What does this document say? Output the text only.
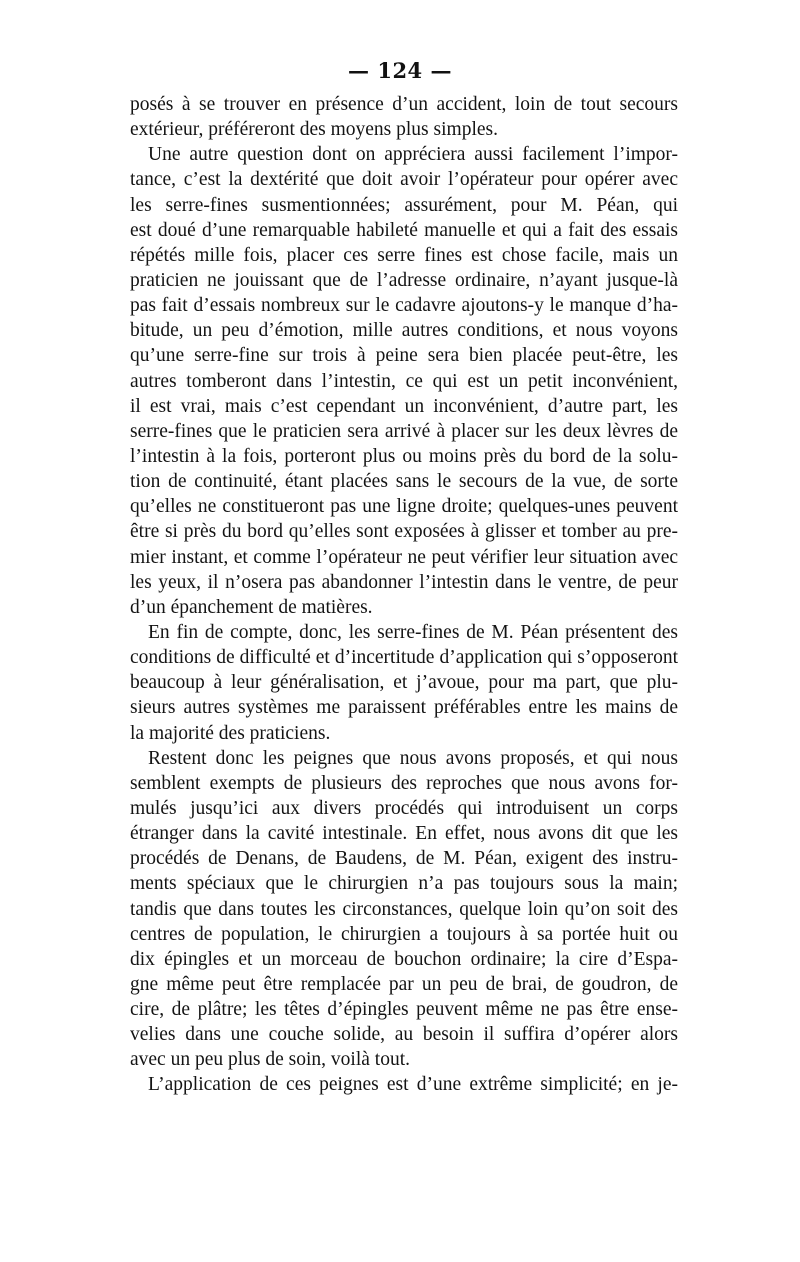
— 124 —
posés à se trouver en présence d’un accident, loin de tout secours
extérieur, préféreront des moyens plus simples.
Une autre question dont on appréciera aussi facilement l’impor-
tance, c’est la dextérité que doit avoir l’opérateur pour opérer avec
les serre-fines susmentionnées; assurément, pour M. Péan, qui
est doué d’une remarquable habileté manuelle et qui a fait des essais
répétés mille fois, placer ces serre fines est chose facile, mais un
praticien ne jouissant que de l’adresse ordinaire, n’ayant jusque-là
pas fait d’essais nombreux sur le cadavre ajoutons-y le manque d’ha-
bitude, un peu d’émotion, mille autres conditions, et nous voyons
qu’une serre-fine sur trois à peine sera bien placée peut-être, les
autres tomberont dans l’intestin, ce qui est un petit inconvénient,
il est vrai, mais c’est cependant un inconvénient, d’autre part, les
serre-fines que le praticien sera arrivé à placer sur les deux lèvres de
l’intestin à la fois, porteront plus ou moins près du bord de la solu-
tion de continuité, étant placées sans le secours de la vue, de sorte
qu’elles ne constitueront pas une ligne droite; quelques-unes peuvent
être si près du bord qu’elles sont exposées à glisser et tomber au pre-
mier instant, et comme l’opérateur ne peut vérifier leur situation avec
les yeux, il n’osera pas abandonner l’intestin dans le ventre, de peur
d’un épanchement de matières.
En fin de compte, donc, les serre-fines de M. Péan présentent des
conditions de difficulté et d’incertitude d’application qui s’opposeront
beaucoup à leur généralisation, et j’avoue, pour ma part, que plu-
sieurs autres systèmes me paraissent préférables entre les mains de
la majorité des praticiens.
Restent donc les peignes que nous avons proposés, et qui nous
semblent exempts de plusieurs des reproches que nous avons for-
mulés jusqu’ici aux divers procédés qui introduisent un corps
étranger dans la cavité intestinale. En effet, nous avons dit que les
procédés de Denans, de Baudens, de M. Péan, exigent des instru-
ments spéciaux que le chirurgien n’a pas toujours sous la main;
tandis que dans toutes les circonstances, quelque loin qu’on soit des
centres de population, le chirurgien a toujours à sa portée huit ou
dix épingles et un morceau de bouchon ordinaire; la cire d’Espa-
gne même peut être remplacée par un peu de brai, de goudron, de
cire, de plâtre; les têtes d’épingles peuvent même ne pas être ense-
velies dans une couche solide, au besoin il suffira d’opérer alors
avec un peu plus de soin, voilà tout.
L’application de ces peignes est d’une extrême simplicité; en je-
